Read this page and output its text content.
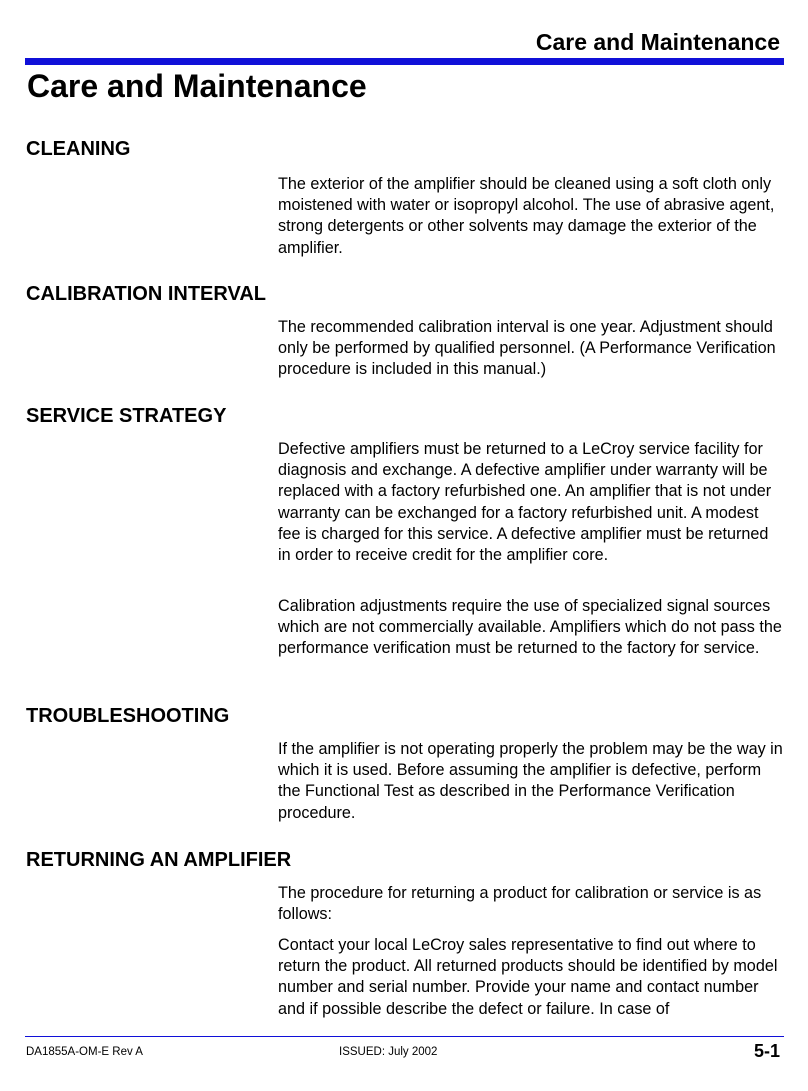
Care and Maintenance
Care and Maintenance
CLEANING

The exterior of the amplifier should be cleaned using a soft cloth only moistened with water or isopropyl alcohol. The use of abrasive agent, strong detergents or other solvents may damage the exterior of the amplifier.

CALIBRATION INTERVAL

The recommended calibration interval is one year. Adjustment should only be performed by qualified personnel. (A Performance Verification procedure is included in this manual.)

SERVICE STRATEGY

Defective amplifiers must be returned to a LeCroy service facility for diagnosis and exchange. A defective amplifier under warranty will be replaced with a factory refurbished one. An amplifier that is not under warranty can be exchanged for a factory refurbished unit. A modest fee is charged for this service. A defective amplifier must be returned in order to receive credit for the amplifier core.

Calibration adjustments require the use of specialized signal sources which are not commercially available. Amplifiers which do not pass the performance verification must be returned to the factory for service.

TROUBLESHOOTING

If the amplifier is not operating properly the problem may be the way in which it is used. Before assuming the amplifier is defective, perform the Functional Test as described in the Performance Verification procedure.

RETURNING AN AMPLIFIER

The procedure for returning a product for calibration or service is as follows:

Contact your local LeCroy sales representative to find out where to return the product. All returned products should be identified by model number and serial number. Provide your name and contact number and if possible describe the defect or failure. In case of

DA1855A-OM-E Rev A	ISSUED: July 2002	5-1
